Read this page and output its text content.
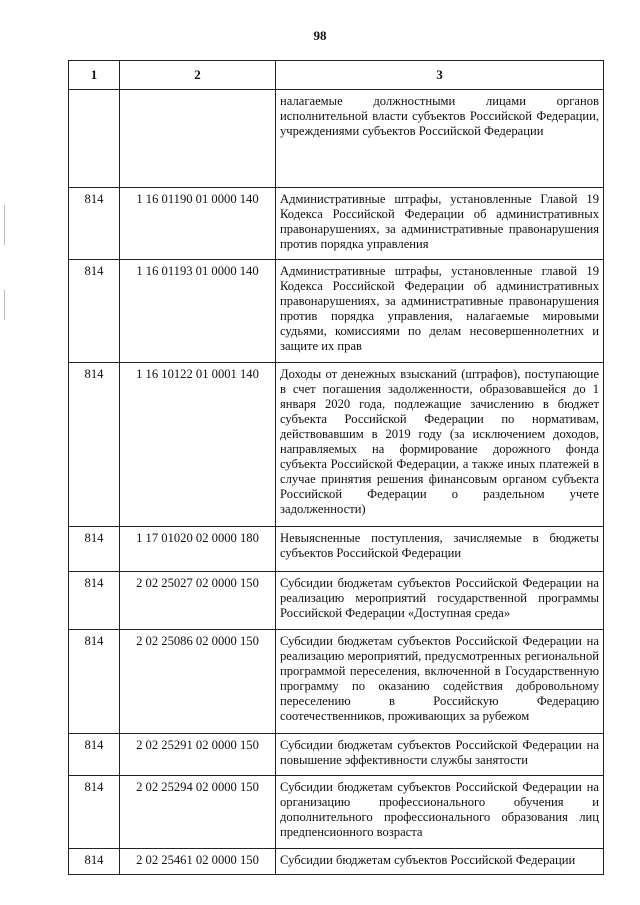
98
1	2	3
		налагаемые должностными лицами органов исполнительной власти субъектов Российской Федерации, учреждениями субъектов Российской Федерации
814	1 16 01190 01 0000 140	Административные штрафы, установленные Главой 19 Кодекса Российской Федерации об административных правонарушениях, за административные правонарушения против порядка управления
814	1 16 01193 01 0000 140	Административные штрафы, установленные главой 19 Кодекса Российской Федерации об административных правонарушениях, за административные правонарушения против порядка управления, налагаемые мировыми судьями, комиссиями по делам несовершеннолетних и защите их прав
814	1 16 10122 01 0001 140	Доходы от денежных взысканий (штрафов), поступающие в счет погашения задолженности, образовавшейся до 1 января 2020 года, подлежащие зачислению в бюджет субъекта Российской Федерации по нормативам, действовавшим в 2019 году (за исключением доходов, направляемых на формирование дорожного фонда субъекта Российской Федерации, а также иных платежей в случае принятия решения финансовым органом субъекта Российской Федерации о раздельном учете задолженности)
814	1 17 01020 02 0000 180	Невыясненные поступления, зачисляемые в бюджеты субъектов Российской Федерации
814	2 02 25027 02 0000 150	Субсидии бюджетам субъектов Российской Федерации на реализацию мероприятий государственной программы Российской Федерации «Доступная среда»
814	2 02 25086 02 0000 150	Субсидии бюджетам субъектов Российской Федерации на реализацию мероприятий, предусмотренных региональной программой переселения, включенной в Государственную программу по оказанию содействия добровольному переселению в Российскую Федерацию соотечественников, проживающих за рубежом
814	2 02 25291 02 0000 150	Субсидии бюджетам субъектов Российской Федерации на повышение эффективности службы занятости
814	2 02 25294 02 0000 150	Субсидии бюджетам субъектов Российской Федерации на организацию профессионального обучения и дополнительного профессионального образования лиц предпенсионного возраста
814	2 02 25461 02 0000 150	Субсидии бюджетам субъектов Российской Федерации
